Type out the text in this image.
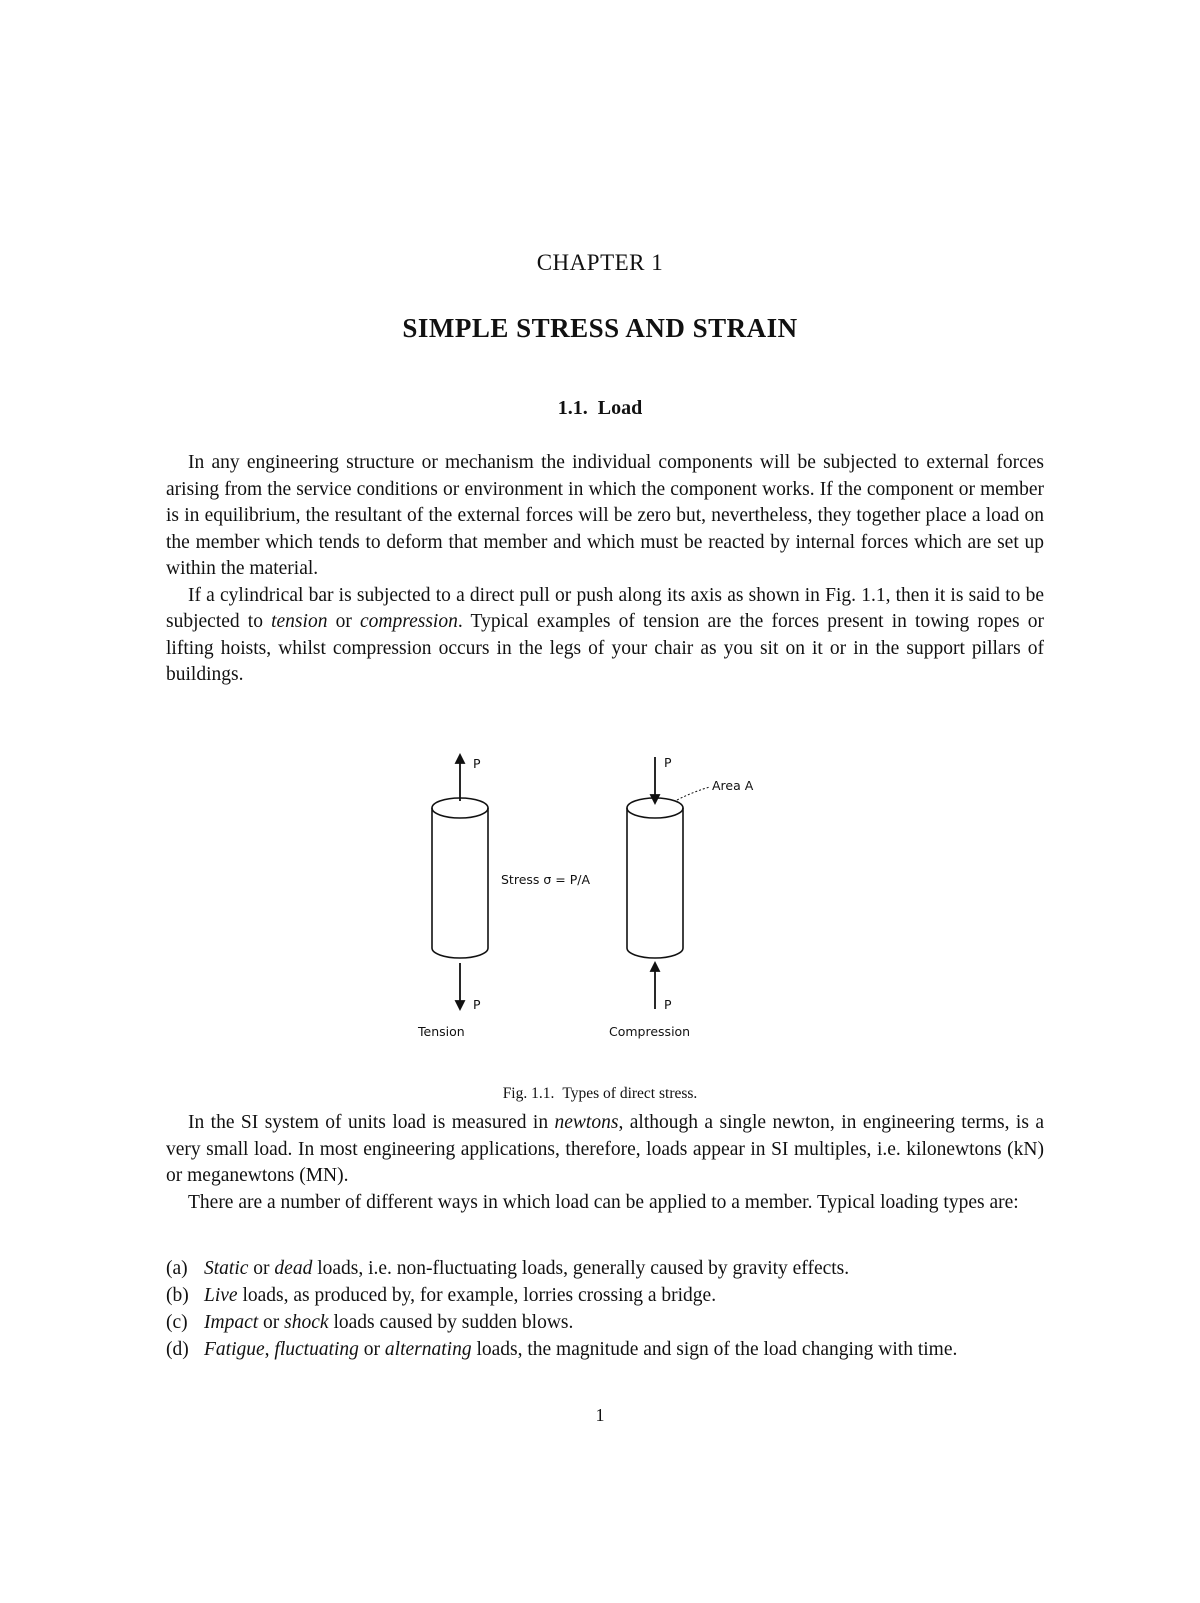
CHAPTER 1
SIMPLE STRESS AND STRAIN
1.1. Load

In any engineering structure or mechanism the individual components will be subjected to external forces arising from the service conditions or environment in which the component works. If the component or member is in equilibrium, the resultant of the external forces will be zero but, nevertheless, they together place a load on the member which tends to deform that member and which must be reacted by internal forces which are set up within the material.

If a cylindrical bar is subjected to a direct pull or push along its axis as shown in Fig. 1.1, then it is said to be subjected to tension or compression. Typical examples of tension are the forces present in towing ropes or lifting hoists, whilst compression occurs in the legs of your chair as you sit on it or in the support pillars of buildings.

P
P
P
P
Area A
Stress σ = P/A
Tension	Compression
Fig. 1.1. Types of direct stress.

In the SI system of units load is measured in newtons, although a single newton, in engineering terms, is a very small load. In most engineering applications, therefore, loads appear in SI multiples, i.e. kilonewtons (kN) or meganewtons (MN).

There are a number of different ways in which load can be applied to a member. Typical loading types are:

(a) Static or dead loads, i.e. non-fluctuating loads, generally caused by gravity effects.
(b) Live loads, as produced by, for example, lorries crossing a bridge.
(c) Impact or shock loads caused by sudden blows.
(d) Fatigue, fluctuating or alternating loads, the magnitude and sign of the load changing with time.
1
